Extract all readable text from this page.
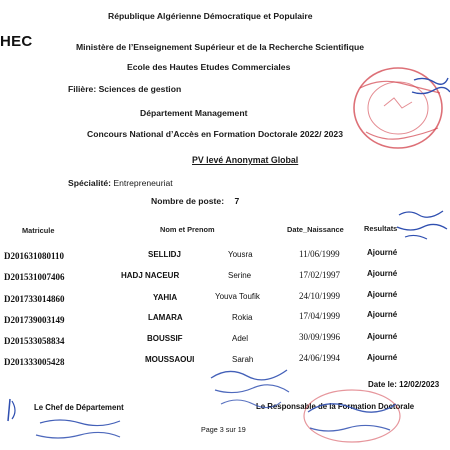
HEC
République Algérienne Démocratique et Populaire
Ministère de l’Enseignement Supérieur et de la Recherche Scientifique
Ecole des Hautes Etudes Commerciales
Filière: Sciences de gestion
Département Management
Concours National d’Accès en Formation Doctorale 2022/ 2023
PV levé Anonymat Global
Spécialité: Entrepreneuriat
Nombre de poste: 7
Matricule	Nom et Prenom	Date_Naissance	Resultats
D201631080110	SELLIDJ	Yousra	11/06/1999	Ajourné
D201531007406	HADJ NACEUR	Serine	17/02/1997	Ajourné
D201733014860	YAHIA	Youva Toufik	24/10/1999	Ajourné
D201739003149	LAMARA	Rokia	17/04/1999	Ajourné
D201533058834	BOUSSIF	Adel	30/09/1996	Ajourné
D201333005428	MOUSSAOUI	Sarah	24/06/1994	Ajourné
Date le: 12/02/2023
Le Chef de Département	Le Responsable de la Formation Doctorale
Page 3 sur 19
